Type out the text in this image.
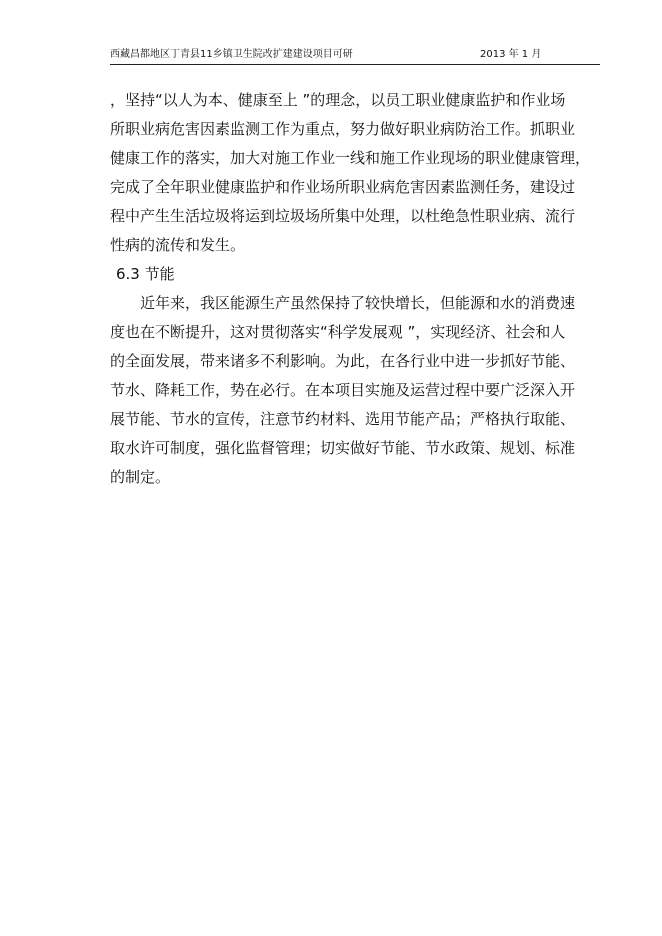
西藏昌都地区丁青县11乡镇卫生院改扩建建设项目可研	2013 年 1 月
，坚持“以人为本、健康至上 ”的理念，以员工职业健康监护和作业场
所职业病危害因素监测工作为重点，努力做好职业病防治工作。抓职业
健康工作的落实，加大对施工作业一线和施工作业现场的职业健康管理，
完成了全年职业健康监护和作业场所职业病危害因素监测任务，建设过
程中产生生活垃圾将运到垃圾场所集中处理，以杜绝急性职业病、流行
性病的流传和发生。
6.3 节能
近年来，我区能源生产虽然保持了较快增长，但能源和水的消费速
度也在不断提升，这对贯彻落实“科学发展观 ”，实现经济、社会和人
的全面发展，带来诸多不利影响。为此，在各行业中进一步抓好节能、
节水、降耗工作，势在必行。在本项目实施及运营过程中要广泛深入开
展节能、节水的宣传，注意节约材料、选用节能产品；严格执行取能、
取水许可制度，强化监督管理；切实做好节能、节水政策、规划、标准
的制定。
